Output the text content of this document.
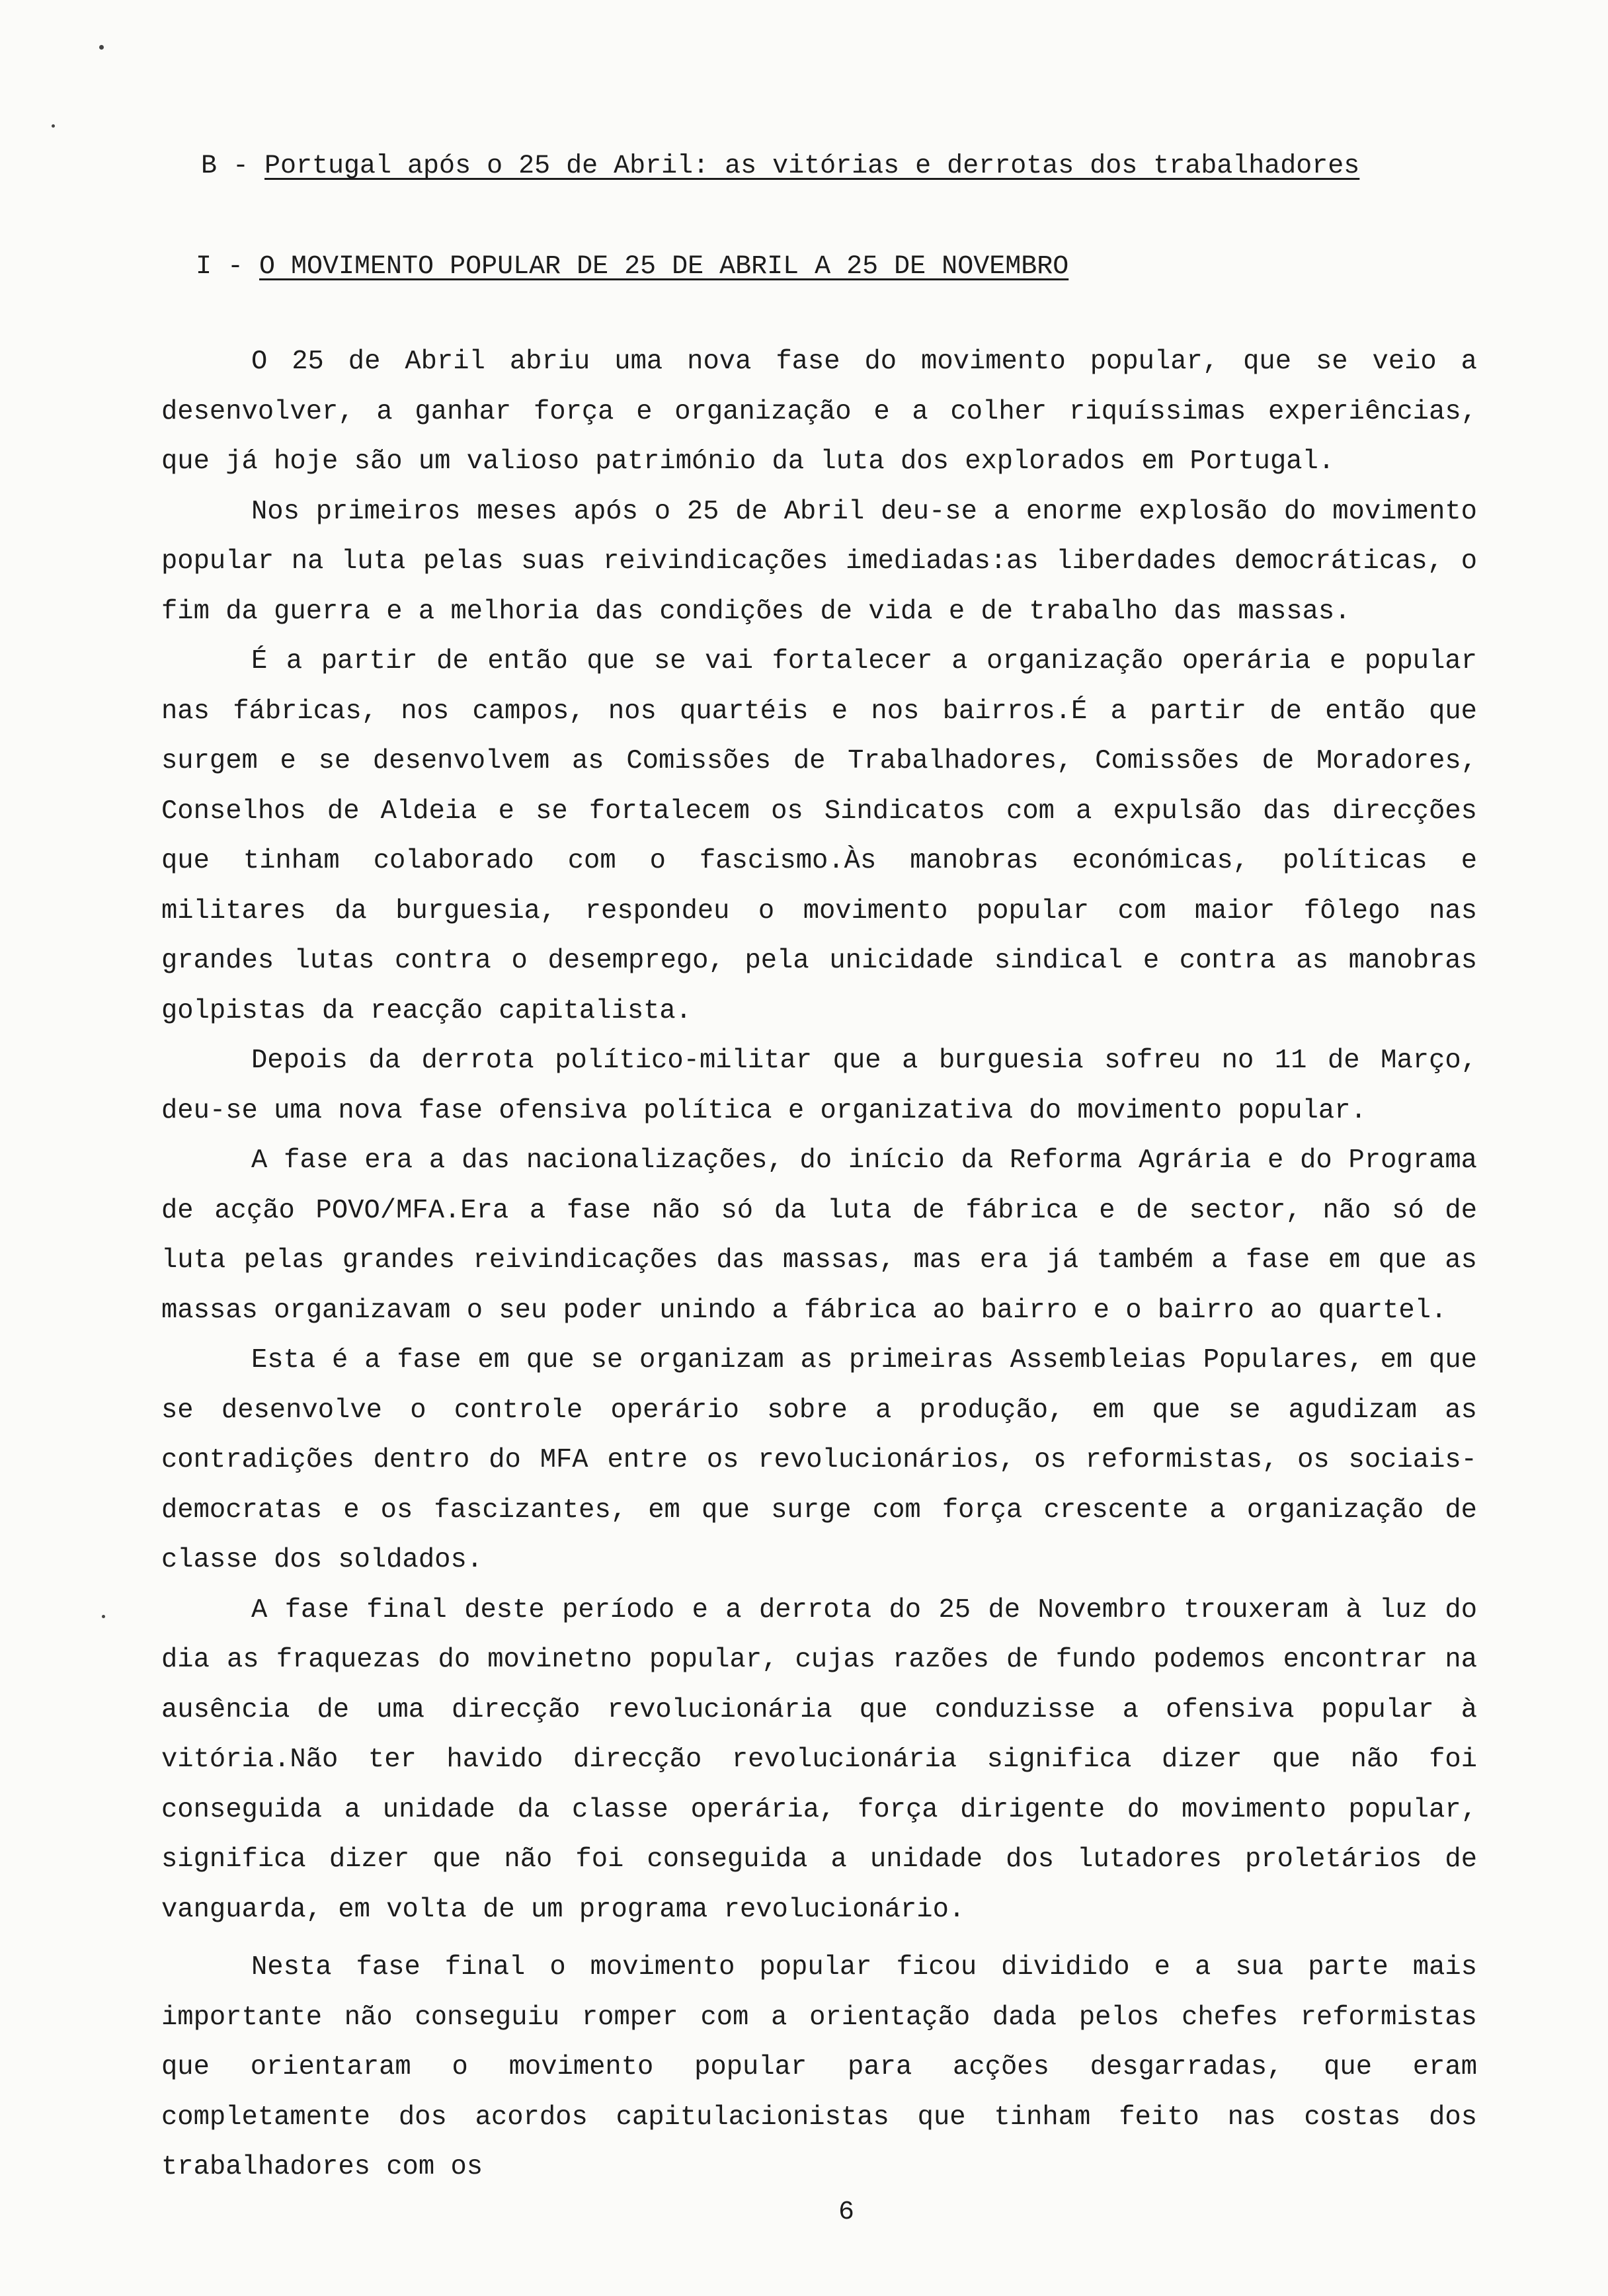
B - Portugal após o 25 de Abril: as vitórias e derrotas dos trabalhadores
I - O MOVIMENTO POPULAR DE 25 DE ABRIL A 25 DE NOVEMBRO

O 25 de Abril abriu uma nova fase do movimento popular, que se veio a desenvolver, a ganhar força e organização e a colher riquíssimas experiências, que já hoje são um valioso património da luta dos explorados em Portugal.

Nos primeiros meses após o 25 de Abril deu-se a enorme explosão do movimento popular na luta pelas suas reivindicações imediadas:as liberdades democráticas, o fim da guerra e a melhoria das condições de vida e de trabalho das massas.

É a partir de então que se vai fortalecer a organização operária e popular nas fábricas, nos campos, nos quartéis e nos bairros.É a partir de então que surgem e se desenvolvem as Comissões de Trabalhadores, Comissões de Moradores, Conselhos de Aldeia e se fortalecem os Sindicatos com a expulsão das direcções que tinham colaborado com o fascismo.Às manobras económicas, políticas e militares da burguesia, respondeu o movimento popular com maior fôlego nas grandes lutas contra o desemprego, pela unicidade sindical e contra as manobras golpistas da reacção capitalista.

Depois da derrota político-militar que a burguesia sofreu no 11 de Março, deu-se uma nova fase ofensiva política e organizativa do movimento popular.

A fase era a das nacionalizações, do início da Reforma Agrária e do Programa de acção POVO/MFA.Era a fase não só da luta de fábrica e de sector, não só de luta pelas grandes reivindicações das massas, mas era já também a fase em que as massas organizavam o seu poder unindo a fábrica ao bairro e o bairro ao quartel.

Esta é a fase em que se organizam as primeiras Assembleias Populares, em que se desenvolve o controle operário sobre a produção, em que se agudizam as contradições dentro do MFA entre os revolucionários, os reformistas, os sociais-democratas e os fascizantes, em que surge com força crescente a organização de classe dos soldados.

A fase final deste período e a derrota do 25 de Novembro trouxeram à luz do dia as fraquezas do movinetno popular, cujas razões de fundo podemos encontrar na ausência de uma direcção revolucionária que conduzisse a ofensiva popular à vitória.Não ter havido direcção revolucionária significa dizer que não foi conseguida a unidade da classe operária, força dirigente do movimento popular, significa dizer que não foi conseguida a unidade dos lutadores proletários de vanguarda, em volta de um programa revolucionário.

Nesta fase final o movimento popular ficou dividido e a sua parte mais importante não conseguiu romper com a orientação dada pelos chefes reformistas que orientaram o movimento popular para acções desgarradas, que eram completamente dos acordos capitulacionistas que tinham feito nas costas dos trabalhadores com os

6
